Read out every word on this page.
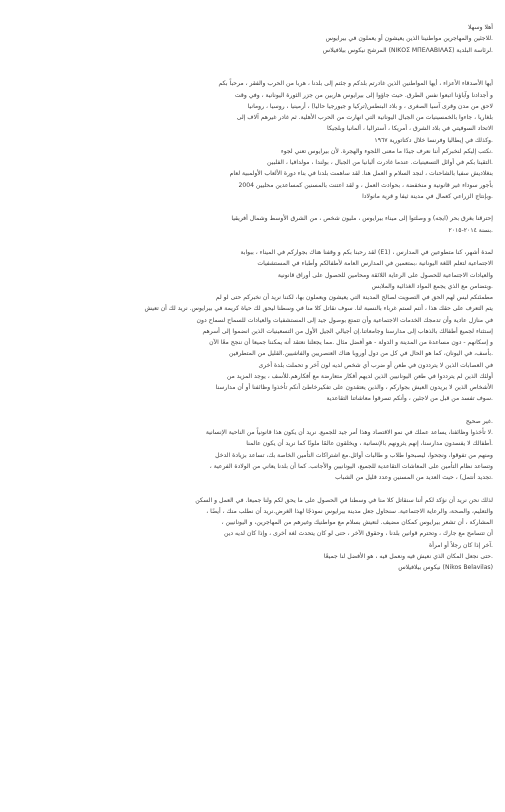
أهلا وسهلا
.للاجئين والمهاجرين مواطنينا الذين يعيشون أو يعملون في بيرايوس
.لرئاسة البلدية (ΝΙΚΟΣ ΜΠΕΛΑΒΙΛΑΣ) المرشح نيكوس بيلافيلاس
أيها الأصدقاء الأعزاء ، أيها المواطنين الذين غادرتم بلدكم و جئتم إلى بلدنا ، هربا من الحرب والفقر ، مرحباً بكم
و أجدادنا وآباؤنا اتبعوا نفس الطرق. حيث جاؤوا إلى بيرايوس هاربين من جزر الثورة اليونانية ، وفي وقت
لاحق من مدن وقرى آسيا الصغرى ، و بلاد البنطس(تركيا و جيورجيا حاليا) ، أرمينيا ، روسيا ، رومانيا
بلغاريا ، جاءوا بالخمسينيات من الجبال اليونانية التي انهارت من الحرب الأهلية. ثم غادر غيرهم آلاف إلى
الاتحاد السوفيتي في بلاد الشرق ، أمريكا ، أستراليا ، ألمانيا وبلجيكا
.وكذلك في إيطاليا وفرنسا خلال دكتاتورية ١٩٦٧
.نكتب إليكم لنخبركم أننا نعرف جيدًا ما معنى اللجوء والهجرة. لأن بيرايوس تعني لجوء
.التقينا بكم في أوائل التسعينيات. عندما غادرت ألبانيا من الجبال ، بولندا ، مولدافيا ، الفلبين
بنغلاديش سفيا بالشاحنات ، لنجد السلام و العمل هنا. لقد ساهمت بلدنا في بناء دورة الألعاب الأولمبية لعام
بأجور سوداء غير قانونية و منخفضة ، بحوادث العمل ، و لقد اعتنت بالمسنين كمساعدين محليين 2004
.وبإنتاج الزراعي كعمال في مدينة ثيفا و قرية مانولادا
إحترقنا بغرق بحر (ايجه) و وصلتوا إلى ميناء بيرايوس ، مليون شخص ، من الشرق الأوسط وشمال أفريقيا
.بسنة ٢٠١٤-٢٠١٥
لمدة أشهر، كنا متطوعين في المدارس ، (E1) لقد رحبنا بكم و وقفنا هناك بجواركم في الميناء ، ببوابة
الاجتماعية لتعلم اللغة اليونانية ،بمتعمين في المدارس العامة لأطفالكم وأطباء في المستشفيات
والعيادات الاجتماعية للحصول على الرعاية اللائقة ومحامين للحصول على أوراق قانونية
.وبتضامن مع الذي يجمع المواد الغذائية والملابس
مطمئنكم ليس لهم الحق في التصويت لصالح المدينة التي يعيشون ويعملون بها، لكننا نريد أن نخبركم حتى لو لم
يتم التعرف على حقك هذا ، أنتم لستم غرباء بالنسبة لنا. سوف نقاتل كلا منا في وسطنا ليحق لك حياة كريمة في بيرايوس. نريد لك أن تعيش
في منازل عادية وأن تدمجك الخدمات الاجتماعية وأن تتمتع بوصول جيد إلى المستشفيات والعيادات للسماح لسماح دون
إستثناء لجميع أطفالك بالذهاب إلى مدارسنا وجامعاتنا.إن أجيالي الجيل الأول من التسعينيات الذين انضموا إلى أسرهم
و إسكانهم - دون مساعدة من المدينة و الدولة - هو أفضل مثال .مما يجعلنا نعتقد أنه يمكننا جميعا أن ننجح معًا الآن
.بأسف، في اليونان، كما هو الحال في كل من دول أوروبا هناك العنصريين والفاشيين.القليل من المتطرفين
في العصابات الذين لا يترددون في طعن أو ضرب أي شخص لديه لون آخر و تحملت بلدة أخرى
أولئك الذين لم يترددوا في طعن اليونانيين الذين لديهم أفكار متعارضة مع أفكارهم.للأسف ، يوجد المزيد من
الأشخاص الذين لا يريدون العيش بجواركم ، والذين يعتقدون على تفكيرخاطئ أنكم تأخذوا وظائفنا أو أن مدارسنا
.سوف تفسد من قبل من لاجئين ، وأنكم تسرقوا معاشاتنا التقاعدية
.غير صحيح
.لا تأخذوا وظائفنا، يساعد عملك في نمو الاقتصاد وهذا أمر جيد للجميع. نريد أن يكون هذا قانونياً من الناحية الإنسانية
.أطفالك لا يفسدون مدارسنا، إنهم يثرونهم بالإنسانية ، ويخلقون عالمًا ملونًا كما نريد أن يكون عالمنا
ومنهم من تفوقوا، ونجحوا، ليصبحوا طلاب و طالبات أوائل.مع اشتراكات التأمين الخاصة بك، تساعد بزيادة الدخل
وتساعد نظام التأمين على المعاشات التقاعدية للجميع، اليونانيين والأجانب. كما أن بلدنا يعاني من الولادة الفرعية ،
.تجديد أنتمل) ، حيث العديد من المسنين وعدد قليل من الشباب
لذلك نحن نريد أن نؤكد لكم أننا سنقاتل كلا منا في وسطنا في الحصول على ما يحق لكم ولنا جميعا. في العمل و السكن
والتعليم، والصحة، والرعاية الاجتماعية. سنحاول جعل مدينة بيرايوس نموذجًا لهذا الغرض.نريد أن نطلب منك ، أيضًا ،
المشاركة ، أن تشعر بيرايوس كمكان مضيف. لنعيش بسلام مع مواطنيك وغيرهم من المهاجرين، و اليونانيين ،
أن تتسامح مع جارك ، وتحترم قوانين بلدنا ، وحقوق الآخر ، حتى لو كان يتحدث لغة أخرى ، وإذا كان لديه دين
.آخر إذا كان رجلاً أو امرأة
.حتى نجعل المكان الذي نعيش فيه ونعمل فيه ، هو الأفضل لنا جميعًا
(Nikos Belavilas) نيكوس بيلافيلاس
